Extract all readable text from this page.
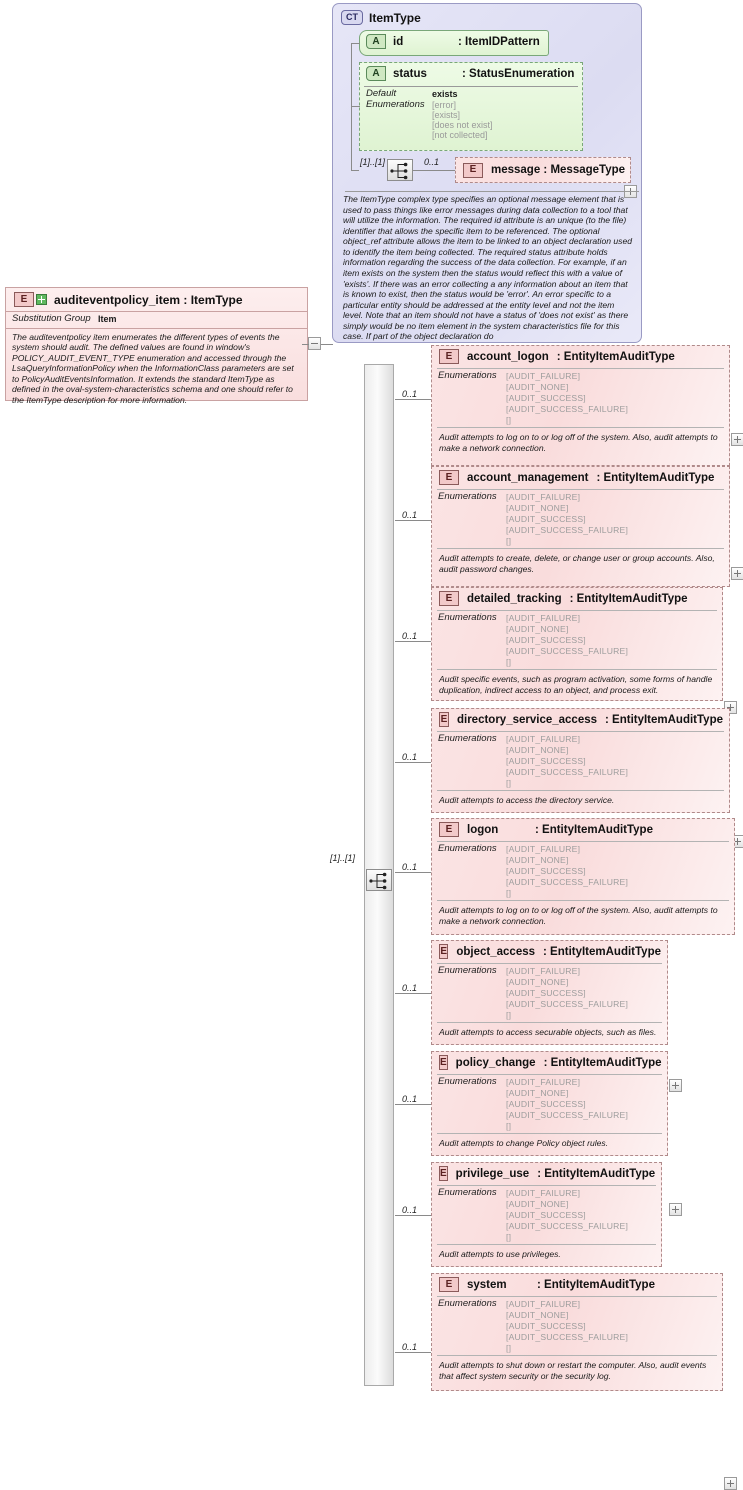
CT ItemType
A	id	: ItemIDPattern
A	status	: StatusEnumeration
Default	exists
Enumerations	[error]
[exists]
[does not exist]
[not collected]
[1]..[1]	0..1
E	message : MessageType
The ItemType complex type specifies an optional message element that is used to pass things like error messages during data collection to a tool that will utilize the information. The required id attribute is an unique (to the file) identifier that allows the specific item to be referenced. The optional object_ref attribute allows the item to be linked to an object declaration used to identify the item being collected. The required status attribute holds information regarding the success of the data collection. For example, if an item exists on the system then the status would reflect this with a value of 'exists'. If there was an error collecting a any information about an item that is known to exist, then the status would be 'error'. An error specific to a particular entity should be addressed at the entity level and not the item level. Note that an item should not have a status of 'does not exist' as there simply would be no item element in the system characteristics file for this case. If part of the object declaration do
E	auditeventpolicy_item : ItemType
Substitution Group	Item
The auditeventpolicy item enumerates the different types of events the system should audit. The defined values are found in window's POLICY_AUDIT_EVENT_TYPE enumeration and accessed through the LsaQueryInformationPolicy when the InformationClass parameters are set to PolicyAuditEventsInformation. It extends the standard ItemType as defined in the oval-system-characteristics schema and one should refer to the ItemType description for more information.
[1]..[1]
E	account_logon : EntityItemAuditType
Enumerations	[AUDIT_FAILURE]
[AUDIT_NONE]
[AUDIT_SUCCESS]
[AUDIT_SUCCESS_FAILURE]
[]
Audit attempts to log on to or log off of the system. Also, audit attempts to make a network connection.
0..1
E	account_management : EntityItemAuditType
Enumerations	[AUDIT_FAILURE]
[AUDIT_NONE]
[AUDIT_SUCCESS]
[AUDIT_SUCCESS_FAILURE]
[]
Audit attempts to create, delete, or change user or group accounts. Also, audit password changes.
0..1
E	detailed_tracking : EntityItemAuditType
Enumerations	[AUDIT_FAILURE]
[AUDIT_NONE]
[AUDIT_SUCCESS]
[AUDIT_SUCCESS_FAILURE]
[]
Audit specific events, such as program activation, some forms of handle duplication, indirect access to an object, and process exit.
0..1
E directory_service_access : EntityItemAuditType
Enumerations	[AUDIT_FAILURE]
[AUDIT_NONE]
[AUDIT_SUCCESS]
[AUDIT_SUCCESS_FAILURE]
[]
Audit attempts to access the directory service.
0..1
E	logon	: EntityItemAuditType
Enumerations	[AUDIT_FAILURE]
[AUDIT_NONE]
[AUDIT_SUCCESS]
[AUDIT_SUCCESS_FAILURE]
[]
Audit attempts to log on to or log off of the system. Also, audit attempts to make a network connection.
0..1
E object_access : EntityItemAuditType
Enumerations	[AUDIT_FAILURE]
[AUDIT_NONE]
[AUDIT_SUCCESS]
[AUDIT_SUCCESS_FAILURE]
[]
Audit attempts to access securable objects, such as files.
0..1
E policy_change : EntityItemAuditType
Enumerations	[AUDIT_FAILURE]
[AUDIT_NONE]
[AUDIT_SUCCESS]
[AUDIT_SUCCESS_FAILURE]
[]
Audit attempts to change Policy object rules.
0..1
E privilege_use : EntityItemAuditType
Enumerations	[AUDIT_FAILURE]
[AUDIT_NONE]
[AUDIT_SUCCESS]
[AUDIT_SUCCESS_FAILURE]
[]
Audit attempts to use privileges.
0..1
E	system	: EntityItemAuditType
Enumerations	[AUDIT_FAILURE]
[AUDIT_NONE]
[AUDIT_SUCCESS]
[AUDIT_SUCCESS_FAILURE]
[]
Audit attempts to shut down or restart the computer. Also, audit events that affect system security or the security log.
0..1
